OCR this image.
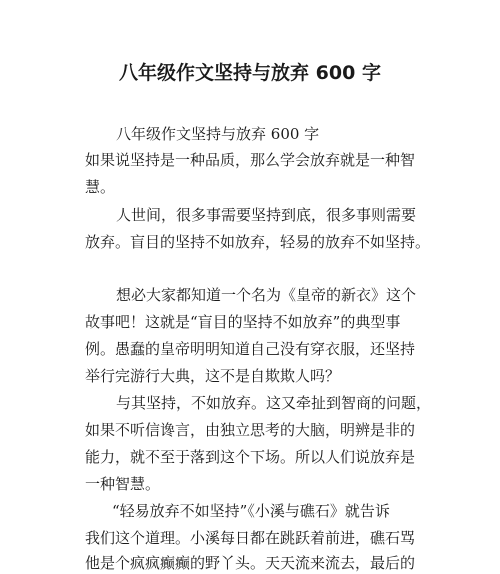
八年级作文坚持与放弃 600 字
八年级作文坚持与放弃 600 字
如果说坚持是一种品质，那么学会放弃就是一种智
慧。
人世间，很多事需要坚持到底，很多事则需要
放弃。盲目的坚持不如放弃，轻易的放弃不如坚持。
想必大家都知道一个名为《皇帝的新衣》这个
故事吧！这就是“盲目的坚持不如放弃”的典型事
例。愚蠢的皇帝明明知道自己没有穿衣服，还坚持
举行完游行大典，这不是自欺欺人吗？
与其坚持，不如放弃。这又牵扯到智商的问题，
如果不听信谗言，由独立思考的大脑，明辨是非的
能力，就不至于落到这个下场。所以人们说放弃是
一种智慧。
“轻易放弃不如坚持”《小溪与礁石》就告诉
我们这个道理。小溪每日都在跳跃着前进，礁石骂
他是个疯疯癫癫的野丫头。天天流来流去，最后的
